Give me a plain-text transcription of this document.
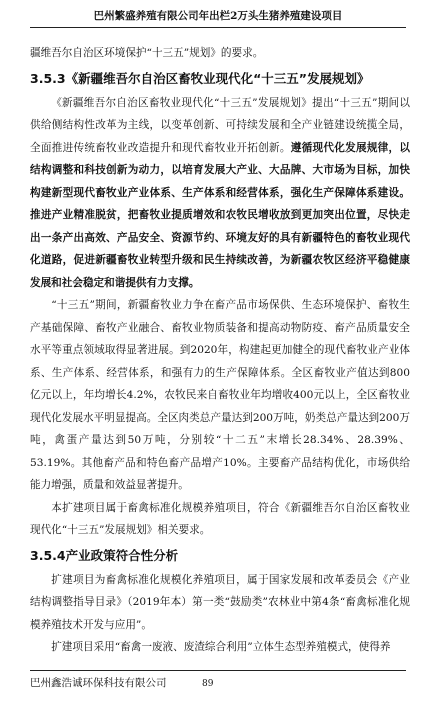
巴州繁盛养殖有限公司年出栏2万头生猪养殖建设项目

疆维吾尔自治区环境保护“十三五”规划》的要求。

3.5.3《新疆维吾尔自治区畜牧业现代化“十三五”发展规划》

《新疆维吾尔自治区畜牧业现代化“十三五”发展规划》提出“十三五”期间以供给侧结构性改革为主线，以变革创新、可持续发展和全产业链建设统揽全局，全面推进传统畜牧业改造提升和现代畜牧业开拓创新。遵循现代化发展规律，以结构调整和科技创新为动力，以培育发展大产业、大品牌、大市场为目标，加快构建新型现代畜牧业产业体系、生产体系和经营体系，强化生产保障体系建设。推进产业精准脱贫，把畜牧业提质增效和农牧民增收放到更加突出位置，尽快走出一条产出高效、产品安全、资源节约、环境友好的具有新疆特色的畜牧业现代化道路，促进新疆畜牧业转型升级和民生持续改善，为新疆农牧区经济平稳健康发展和社会稳定和谐提供有力支撑。

“十三五”期间，新疆畜牧业力争在畜产品市场保供、生态环境保护、畜牧生产基础保障、畜牧产业融合、畜牧业物质装备和提高动物防疫、畜产品质量安全水平等重点领域取得显著进展。到2020年，构建起更加健全的现代畜牧业产业体系、生产体系、经营体系，和强有力的生产保障体系。全区畜牧业产值达到800亿元以上，年均增长4.2%，农牧民来自畜牧业年均增收400元以上，全区畜牧业现代化发展水平明显提高。全区肉类总产量达到200万吨，奶类总产量达到200万吨，禽蛋产量达到50万吨，分别较“十二五”末增长28.34%、28.39%、53.19%。其他畜产品和特色畜产品增产10%。主要畜产品结构优化，市场供给能力增强，质量和效益显著提升。

本扩建项目属于畜禽标准化规模养殖项目，符合《新疆维吾尔自治区畜牧业现代化“十三五”发展规划》相关要求。

3.5.4产业政策符合性分析

扩建项目为畜禽标准化规模化养殖项目，属于国家发展和改革委员会《产业结构调整指导目录》（2019年本）第一类“鼓励类”农林业中第4条“畜禽标准化规模养殖技术开发与应用”。

扩建项目采用“畜禽一废液、废渣综合利用”立体生态型养殖模式，使得养

巴州鑫浩诚环保科技有限公司	89
